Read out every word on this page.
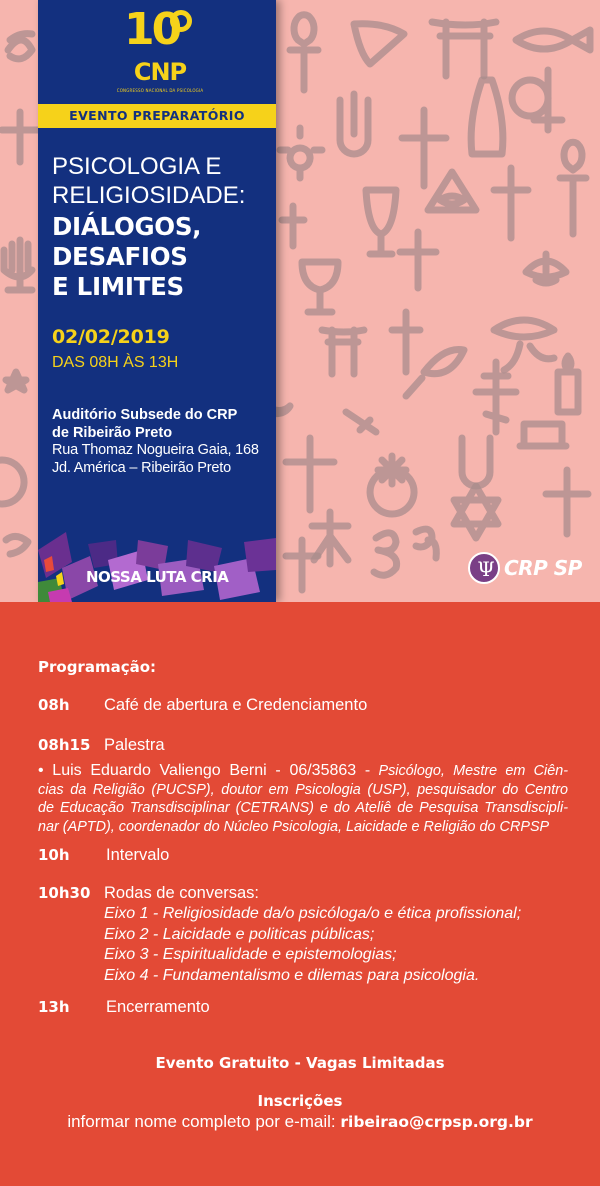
10
CNP
CONGRESSO NACIONAL DA PSICOLOGIA
EVENTO PREPARATÓRIO
PSICOLOGIA E
RELIGIOSIDADE:
DIÁLOGOS,
DESAFIOS
E LIMITES
02/02/2019
DAS 08H ÀS 13H
Auditório Subsede do CRP
de Ribeirão Preto
Rua Thomaz Nogueira Gaia, 168
Jd. América – Ribeirão Preto
NOSSA LUTA CRIA	Ψ CRP SP
Programação:
08h Café de abertura e Credenciamento
08h15 Palestra
• Luis Eduardo Valiengo Berni - 06/35863 - Psicólogo, Mestre em Ciên-
cias da Religião (PUCSP), doutor em Psicologia (USP), pesquisador do Centro
de Educação Transdisciplinar (CETRANS) e do Ateliê de Pesquisa Transdiscipli-
nar (APTD), coordenador do Núcleo Psicologia, Laicidade e Religião do CRPSP
10h Intervalo
10h30 Rodas de conversas:
Eixo 1 - Religiosidade da/o psicóloga/o e ética profissional;
Eixo 2 - Laicidade e politicas públicas;
Eixo 3 - Espiritualidade e epistemologias;
Eixo 4 - Fundamentalismo e dilemas para psicologia.
13h Encerramento
Evento Gratuito - Vagas Limitadas
Inscrições
informar nome completo por e-mail: ribeirao@crpsp.org.br
